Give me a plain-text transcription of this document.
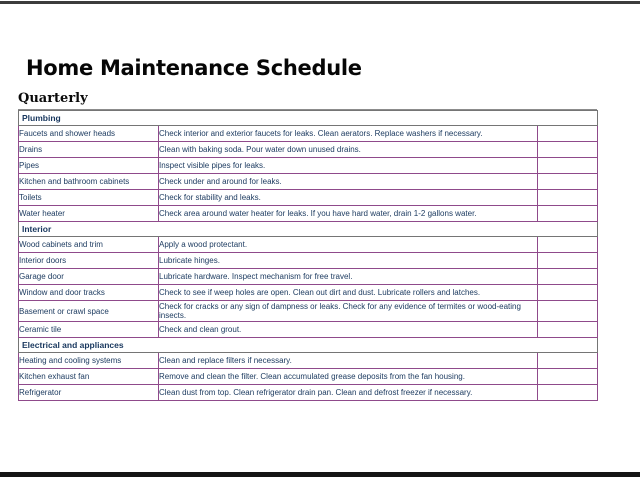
Home Maintenance Schedule
Quarterly
Plumbing		
Faucets and shower heads	Check interior and exterior faucets for leaks. Clean aerators. Replace washers if necessary.	
Drains	Clean with baking soda. Pour water down unused drains.	
Pipes	Inspect visible pipes for leaks.	
Kitchen and bathroom cabinets	Check under and around for leaks.	
Toilets	Check for stability and leaks.	
Water heater	Check area around water heater for leaks. If you have hard water, drain 1-2 gallons water.	
Interior		
Wood cabinets and trim	Apply a wood protectant.	
Interior doors	Lubricate hinges.	
Garage door	Lubricate hardware. Inspect mechanism for free travel.	
Window and door tracks	Check to see if weep holes are open. Clean out dirt and dust. Lubricate rollers and latches.	
Basement or crawl space	Check for cracks or any sign of dampness or leaks. Check for any evidence of termites or wood-eating insects.	
Ceramic tile	Check and clean grout.	
Electrical and appliances		
Heating and cooling systems	Clean and replace filters if necessary.	
Kitchen exhaust fan	Remove and clean the filter. Clean accumulated grease deposits from the fan housing.	
Refrigerator	Clean dust from top. Clean refrigerator drain pan. Clean and defrost freezer if necessary.	
